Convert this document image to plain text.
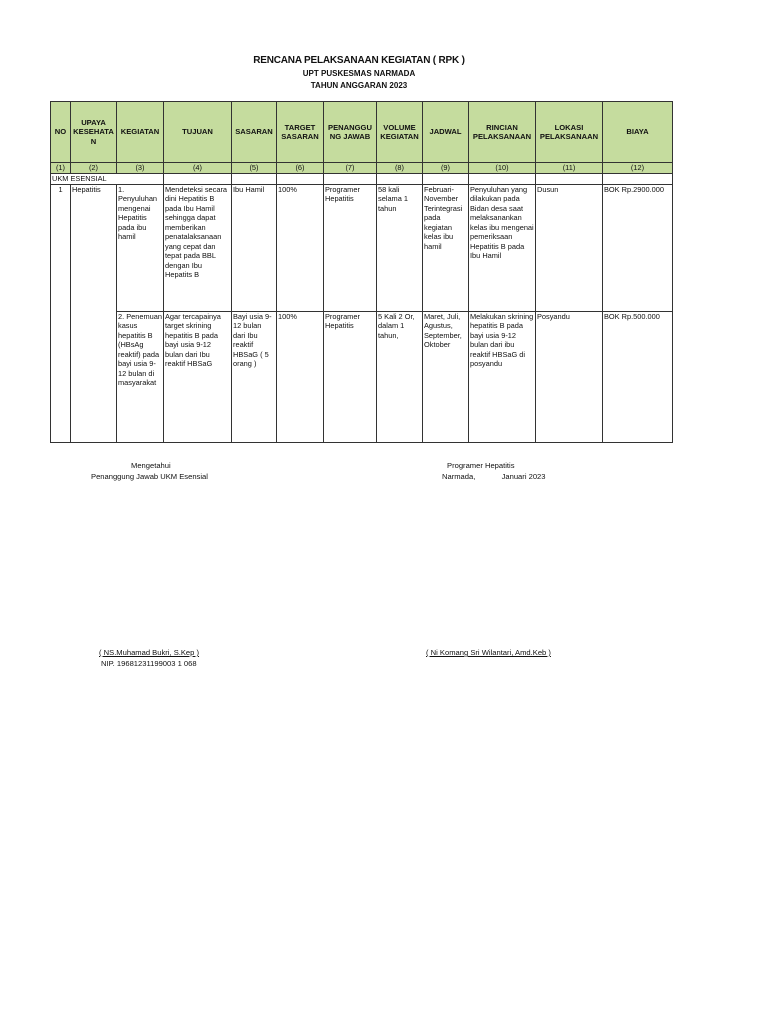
RENCANA PELAKSANAAN KEGIATAN ( RPK )
UPT PUSKESMAS NARMADA
TAHUN ANGGARAN 2023
NO	UPAYA KESEHATA N	KEGIATAN	TUJUAN	SASARAN	TARGET SASARAN	PENANGGU NG JAWAB	VOLUME KEGIATAN	JADWAL	RINCIAN PELAKSANAAN	LOKASI PELAKSANAAN	BIAYA
(1)	(2)	(3)	(4)	(5)	(6)	(7)	(8)	(9)	(10)	(11)	(12)
UKM ESENSIAL											
1	Hepatitis	1. Penyuluhan mengenai Hepatitis pada ibu hamil	Mendeteksi secara dini Hepatitis B pada Ibu Hamil sehingga dapat memberikan penatalaksanaan yang cepat dan tepat pada BBL dengan Ibu Hepatits B	Ibu Hamil	100%	Programer Hepatitis	58 kali selama 1 tahun	Februari-November Terintegrasi pada kegiatan kelas ibu hamil	Penyuluhan yang dilakukan pada Bidan desa saat melaksanankan kelas ibu mengenai pemeriksaan Hepatitis B pada Ibu Hamil	Dusun	BOK Rp.2900.000
		2. Penemuan kasus hepatitis B (HBsAg reaktif) pada bayi usia 9-12 bulan di masyarakat	Agar tercapainya target skrining hepatitis B pada bayi usia 9-12 bulan dari Ibu reaktif HBSaG	Bayi usia 9-12 bulan dari Ibu reaktif HBSaG ( 5 orang )	100%	Programer Hepatitis	5 Kali 2 Or, dalam 1 tahun,	Maret, Juli, Agustus, September, Oktober	Melakukan skrining hepatitis B pada bayi usia 9-12 bulan dari ibu reaktif HBSaG di posyandu	Posyandu	BOK Rp.500.000
Mengetahui
Penanggung Jawab UKM Esensial
( NS.Muhamad Bukri, S.Kep )
NIP. 19681231199003 1 068
Programer Hepatitis
Narmada,	Januari 2023
( Ni Komang Sri Wilantari, Amd.Keb )
